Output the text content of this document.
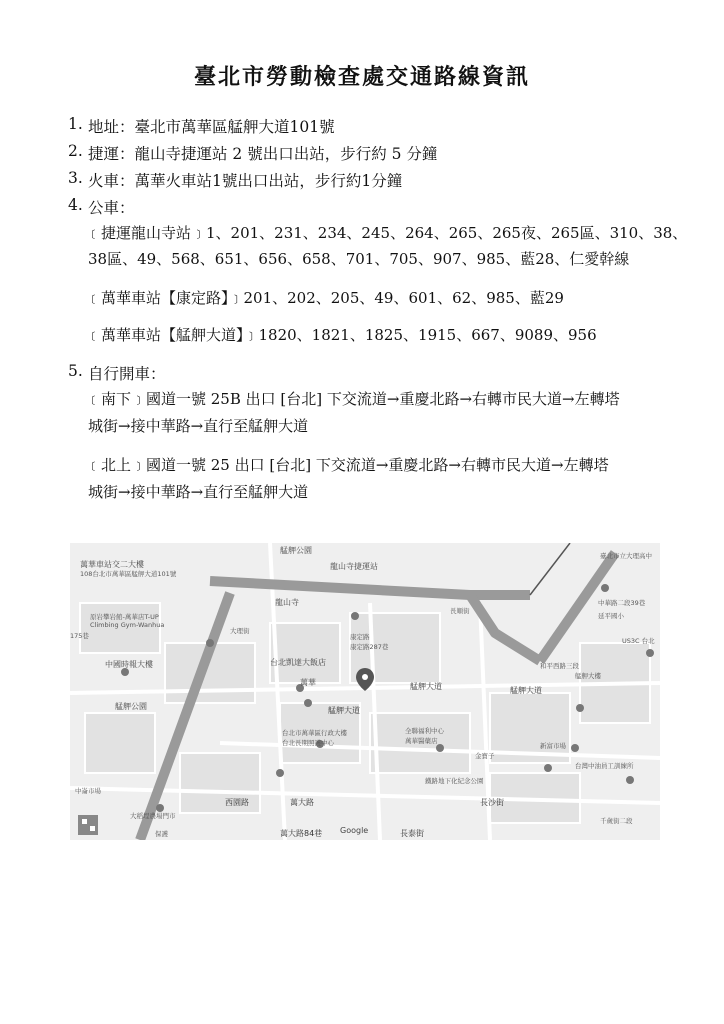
臺北市勞動檢查處交通路線資訊
1. 地址：臺北市萬華區艋舺大道101號
2. 捷運：龍山寺捷運站 2 號出口出站，步行約 5 分鐘
3. 火車：萬華火車站1號出口出站，步行約1分鐘
4. 公車：
﹝捷運龍山寺站﹞1、201、231、234、245、264、265、265夜、265區、310、38、
38區、49、568、651、656、658、701、705、907、985、藍28、仁愛幹線
﹝萬華車站【康定路】﹞201、202、205、49、601、62、985、藍29
﹝萬華車站【艋舺大道】﹞1820、1821、1825、1915、667、9089、956
5. 自行開車：
﹝南下﹞國道一號 25B 出口 [台北] 下交流道→重慶北路→右轉市民大道→左轉塔
城街→接中華路→直行至艋舺大道
﹝北上﹞國道一號 25 出口 [台北] 下交流道→重慶北路→右轉市民大道→左轉塔
城街→接中華路→直行至艋舺大道
萬華車站交二大樓
108台北市萬華區艋舺大道101號
艋舺公園
龍山寺捷運站
原岩攀岩館-萬華店T-UP
Climbing Gym-Wanhua
中國時報大樓
龍山寺
大理街
康定路
康定路287巷
台北凱達大飯店
萬華	艋舺大道
艋舺大道
艋舺大道
艋舺公園
台北市萬華區行政大樓
台北長期照護中心
全聯福利中心
萬華醫藥店
金寶子
新富市場
中崙市場
鐵路地下化紀念公園
大稻埕農場門市
西園路	萬大路
萬大路84巷	長泰街
長沙街
台灣中油員工訓練所
中華路二段39巷
延平國小
臺北市立大理高中
US3C 台北
艋舺大樓
和平西路三段
175巷
長順街
Google
千歲街二段
保護
